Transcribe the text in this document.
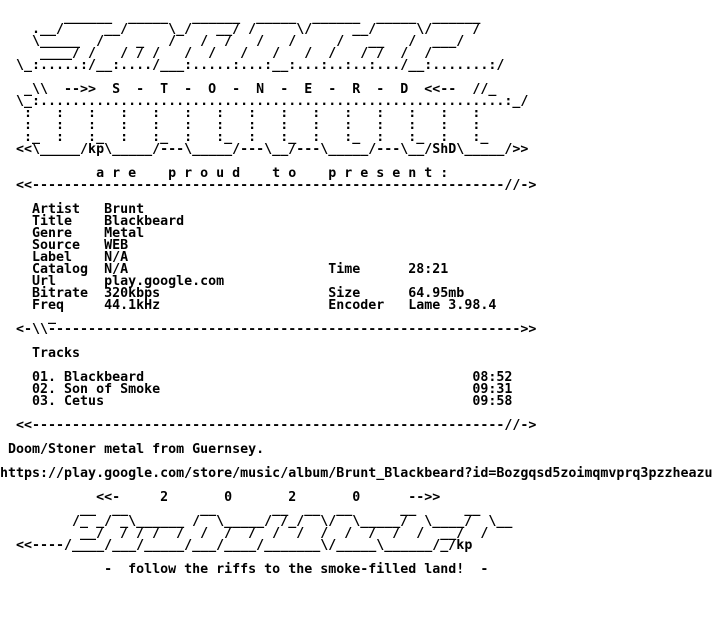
______  _____   ______  _____  ______  _____  ______
.__/     __/     \_/   __/ /     \/     __/     \/     /
\_____  /    _   /   /  /   /   /     /   __   /  ___/
____/ /   / / /   /  /   /   /   /  /   / /  /  /
\_:.....:/__:..../___:.....:...:__:...:..:..:.../__:.......:/
_\\  -->>  S  -  T  -  O  -  N  -  E  -  R  -  D  <<--  //_
\_:..........................................................:_/
:   :   :   :   :   :   :   :   :   :   :   :   :   :   :
:   :   :   :   :   :   :   :   :   :   :   :   :   :   :
:_  :   :_  :   :_  :   :_  :   :_  :   :_  :   :_  :   :_
<<\_____/kp\_____/---\_____/---\__/---\_____/---\__/ShD\_____/>>
a r e    p r o u d    t o    p r e s e n t :
<<-----------------------------------------------------------//->
Artist   Brunt
Title    Blackbeard
Genre    Metal
Source   WEB
Label    N/A
Catalog  N/A                         Time      28:21
Url      play.google.com
Bitrate  320kbps                     Size      64.95mb
Freq     44.1kHz                     Encoder   Lame 3.98.4
_
<-\\----------------------------------------------------------->>
Tracks
01. Blackbeard                                         08:52
02. Son of Smoke                                       09:31
03. Cetus                                              09:58
<<-----------------------------------------------------------//->
Doom/Stoner metal from Guernsey.
https://play.google.com/store/music/album/Brunt_Blackbeard?id=Bozgqsd5zoimqmvprq3pzzheazu
<<-     2       0       2       0      -->>
__  __         __       __  __  __      __      __
/_ _/ _\______ /  \_____/ /_/  \/  \_____/  \____/  \__
__/  / / /  /  /  /  /  /  /  /  /  /  /  /  __/  /
<<----/____/___/_____/___/____/_______\/_____\______/_/kp
-  follow the riffs to the smoke-filled land!  -
